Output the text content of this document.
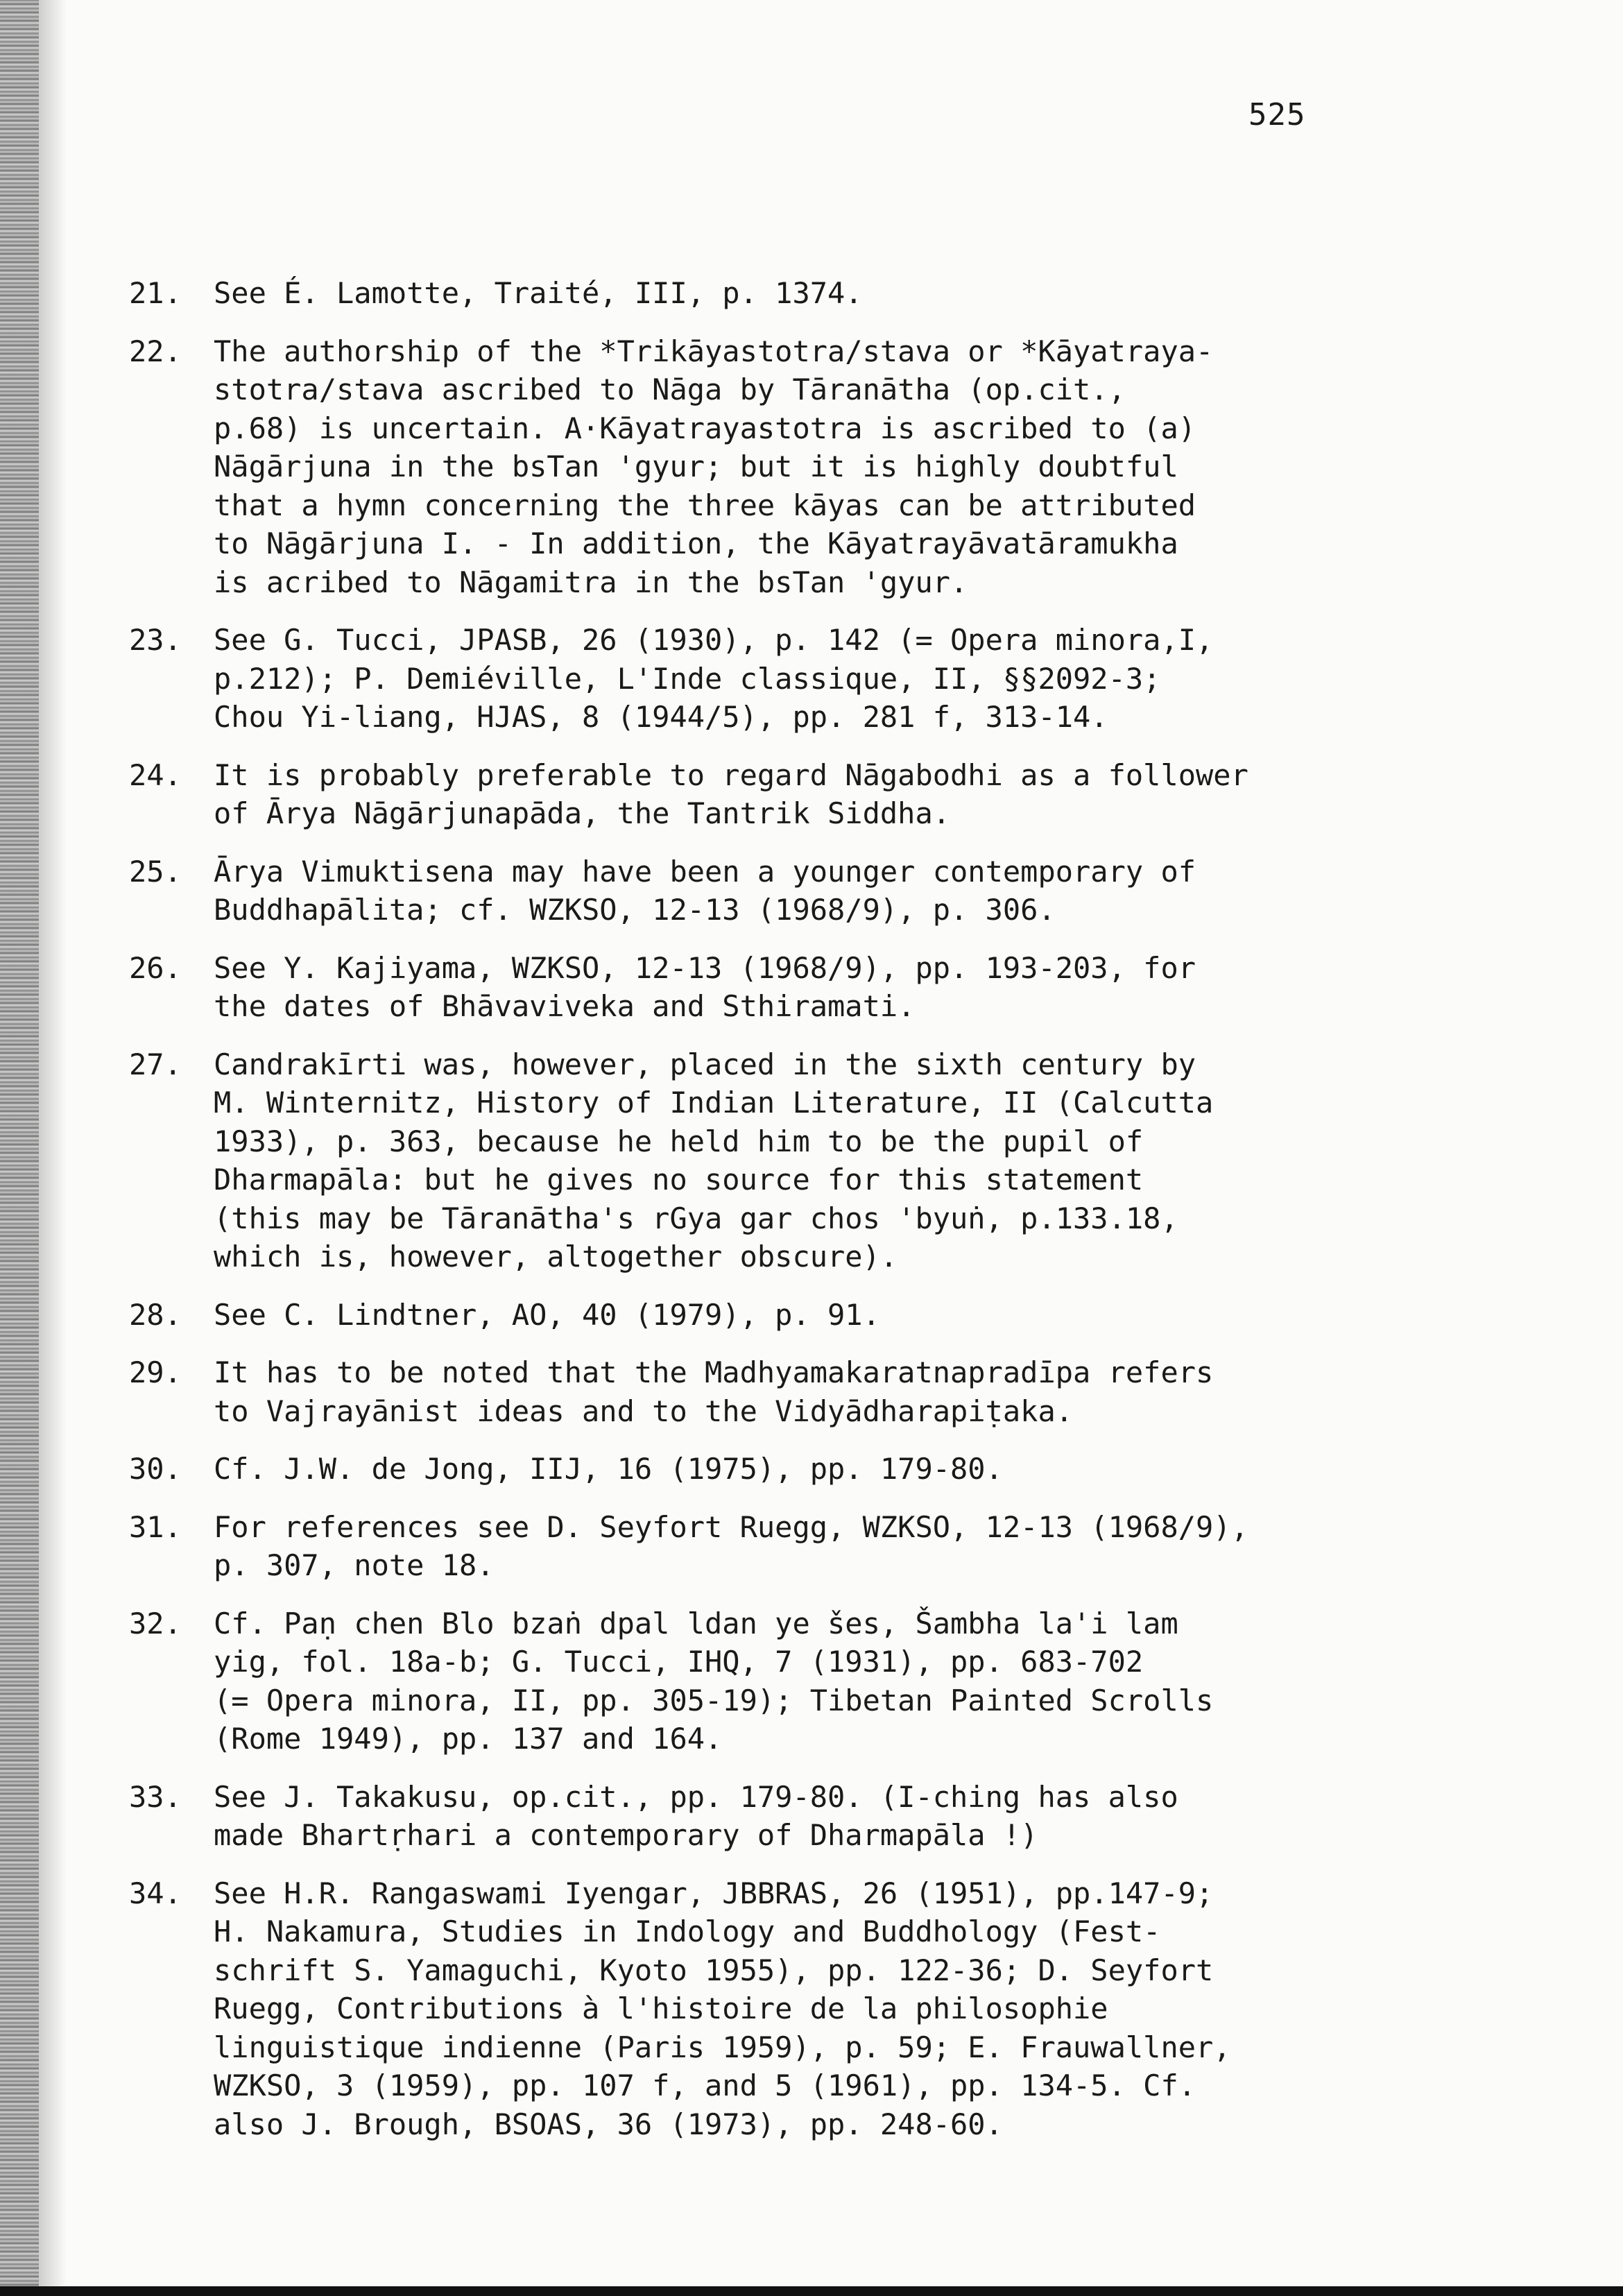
525
21.	See É. Lamotte, Traité, III, p. 1374.
22.	The authorship of the *Trikāyastotra/stava or *Kāyatraya-
stotra/stava ascribed to Nāga by Tāranātha (op.cit.,
p.68) is uncertain. A·Kāyatrayastotra is ascribed to (a)
Nāgārjuna in the bsTan 'gyur; but it is highly doubtful
that a hymn concerning the three kāyas can be attributed
to Nāgārjuna I. - In addition, the Kāyatrayāvatāramukha
is acribed to Nāgamitra in the bsTan 'gyur.
23.	See G. Tucci, JPASB, 26 (1930), p. 142 (= Opera minora,I,
p.212); P. Demiéville, L'Inde classique, II, §§2092-3;
Chou Yi-liang, HJAS, 8 (1944/5), pp. 281 f, 313-14.
24.	It is probably preferable to regard Nāgabodhi as a follower
of Ārya Nāgārjunapāda, the Tantrik Siddha.
25.	Ārya Vimuktisena may have been a younger contemporary of
Buddhapālita; cf. WZKSO, 12-13 (1968/9), p. 306.
26.	See Y. Kajiyama, WZKSO, 12-13 (1968/9), pp. 193-203, for
the dates of Bhāvaviveka and Sthiramati.
27.	Candrakīrti was, however, placed in the sixth century by
M. Winternitz, History of Indian Literature, II (Calcutta
1933), p. 363, because he held him to be the pupil of
Dharmapāla: but he gives no source for this statement
(this may be Tāranātha's rGya gar chos 'byuṅ, p.133.18,
which is, however, altogether obscure).
28.	See C. Lindtner, AO, 40 (1979), p. 91.
29.	It has to be noted that the Madhyamakaratnapradīpa refers
to Vajrayānist ideas and to the Vidyādharapiṭaka.
30.	Cf. J.W. de Jong, IIJ, 16 (1975), pp. 179-80.
31.	For references see D. Seyfort Ruegg, WZKSO, 12-13 (1968/9),
p. 307, note 18.
32.	Cf. Paṇ chen Blo bzaṅ dpal ldan ye šes, Šambha la'i lam
yig, fol. 18a-b; G. Tucci, IHQ, 7 (1931), pp. 683-702
(= Opera minora, II, pp. 305-19); Tibetan Painted Scrolls
(Rome 1949), pp. 137 and 164.
33.	See J. Takakusu, op.cit., pp. 179-80. (I-ching has also
made Bhartṛhari a contemporary of Dharmapāla !)
34.	See H.R. Rangaswami Iyengar, JBBRAS, 26 (1951), pp.147-9;
H. Nakamura, Studies in Indology and Buddhology (Fest-
schrift S. Yamaguchi, Kyoto 1955), pp. 122-36; D. Seyfort
Ruegg, Contributions à l'histoire de la philosophie
linguistique indienne (Paris 1959), p. 59; E. Frauwallner,
WZKSO, 3 (1959), pp. 107 f, and 5 (1961), pp. 134-5. Cf.
also J. Brough, BSOAS, 36 (1973), pp. 248-60.
